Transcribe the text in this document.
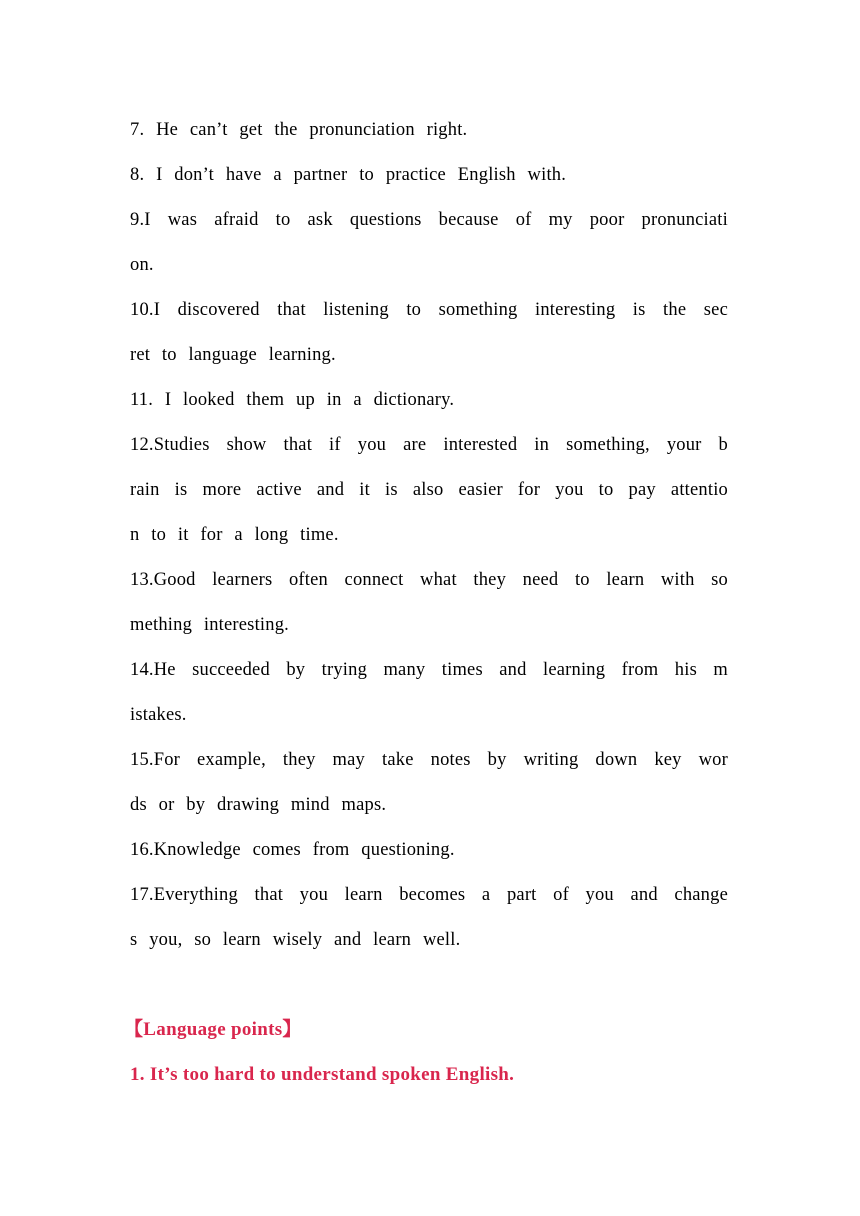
7. He can’t get the pronunciation right.
8. I don’t have a partner to practice English with.
9.I was afraid to ask questions because of my poor pronunciati
on.
10.I discovered that listening to something interesting is the sec
ret to language learning.
11. I looked them up in a dictionary.
12.Studies show that if you are interested in something, your b
rain is more active and it is also easier for you to pay attentio
n to it for a long time.
13.Good learners often connect what they need to learn with so
mething interesting.
14.He succeeded by trying many times and learning from his m
istakes.
15.For example, they may take notes by writing down key wor
ds or by drawing mind maps.
16.Knowledge comes from questioning.
17.Everything that you learn becomes a part of you and change
s you, so learn wisely and learn well.
【Language points】
1. It’s too hard to understand spoken English.
